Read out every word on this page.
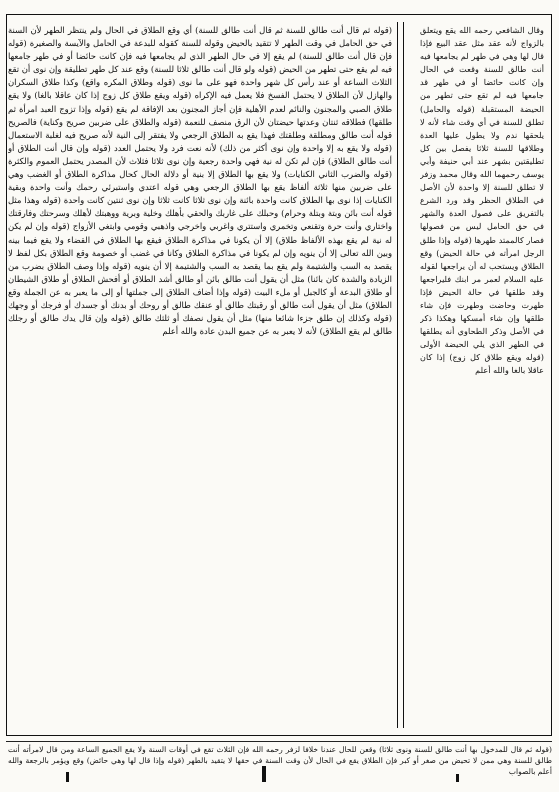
(قوله ثم قال أنت طالق للسنة ثم قال أنت طالق للسنة) أي وقع الطلاق في الحال ولم ينتظر الطهر لأن السنة في حق الحامل في وقت الطهر لا تتقيد بالحيض وقوله للسنة كقوله للبدعة في الحامل والآيسة والصغيرة (قوله فإن قال أنت طالق للسنة) لم يقع إلا في حال الطهر الذي لم يجامعها فيه فإن كانت حائضا أو في طهر جامعها فيه لم يقع حتى تطهر من الحيض (قوله ولو قال أنت طالق ثلاثا للسنة) وقع عند كل طهر تطليقة وإن نوى أن تقع الثلاث الساعة أو عند رأس كل شهر واحدة فهو على ما نوى (قوله وطلاق المكره واقع) وكذا طلاق السكران والهازل لأن الطلاق لا يحتمل الفسخ فلا يعمل فيه الإكراه (قوله ويقع طلاق كل زوج إذا كان عاقلا بالغا) ولا يقع طلاق الصبي والمجنون والنائم لعدم الأهلية فإن أجاز المجنون بعد الإفاقة لم يقع (قوله وإذا تزوج العبد امرأة ثم طلقها) فطلاقه ثنتان وعدتها حيضتان لأن الرق منصف للنعمة (قوله والطلاق على ضربين صريح وكناية) فالصريح قوله أنت طالق ومطلقة وطلقتك فهذا يقع به الطلاق الرجعي ولا يفتقر إلى النية لأنه صريح فيه لغلبة الاستعمال (قوله ولا يقع به إلا واحدة وإن نوى أكثر من ذلك) لأنه نعت فرد ولا يحتمل العدد (قوله وإن قال أنت الطلاق أو أنت طالق الطلاق) فإن لم تكن له نية فهي واحدة رجعية وإن نوى ثلاثا فثلاث لأن المصدر يحتمل العموم والكثرة (قوله والضرب الثاني الكنايات) ولا يقع بها الطلاق إلا بنية أو دلالة الحال كحال مذاكرة الطلاق أو الغضب وهي على ضربين منها ثلاثة ألفاظ يقع بها الطلاق الرجعي وهي قوله اعتدي واستبرئي رحمك وأنت واحدة وبقية الكنايات إذا نوى بها الطلاق كانت واحدة بائنة وإن نوى ثلاثا كانت ثلاثا وإن نوى ثنتين كانت واحدة (قوله وهذا مثل قوله أنت بائن وبتة وبتلة وحرام) وحبلك على غاربك والحقي بأهلك وخلية وبرية ووهبتك لأهلك وسرحتك وفارقتك واختاري وأنت حرة وتقنعي وتخمري واستتري واغربي واخرجي واذهبي وقومي وابتغي الأزواج (قوله وإن لم يكن له نية لم يقع بهذه الألفاظ طلاق) إلا أن يكونا في مذاكرة الطلاق فيقع بها الطلاق في القضاء ولا يقع فيما بينه وبين الله تعالى إلا أن ينويه وإن لم يكونا في مذاكرة الطلاق وكانا في غضب أو خصومة وقع الطلاق بكل لفظ لا يقصد به السب والشتيمة ولم يقع بما يقصد به السب والشتيمة إلا أن ينويه (قوله وإذا وصف الطلاق بضرب من الزيادة والشدة كان بائنا) مثل أن يقول أنت طالق بائن أو طالق أشد الطلاق أو أفحش الطلاق أو طلاق الشيطان أو طلاق البدعة أو كالجبل أو ملء البيت (قوله وإذا أضاف الطلاق إلى جملتها أو إلى ما يعبر به عن الجملة وقع الطلاق) مثل أن يقول أنت طالق أو رقبتك طالق أو عنقك طالق أو روحك أو بدنك أو جسدك أو فرجك أو وجهك (قوله وكذلك إن طلق جزءا شائعا منها) مثل أن يقول نصفك أو ثلثك طالق (قوله وإن قال يدك طالق أو رجلك طالق لم يقع الطلاق) لأنه لا يعبر به عن جميع البدن عادة والله أعلم

وقال الشافعي رحمه الله يقع ويتعلق بالزواج لأنه عقد مثل عقد البيع فإذا قال لها وهي في طهر لم يجامعها فيه أنت طالق للسنة وقعت في الحال وإن كانت حائضا أو في طهر قد جامعها فيه لم تقع حتى تطهر من الحيضة المستقبلة (قوله والحامل) تطلق للسنة في أي وقت شاء لأنه لا يلحقها ندم ولا يطول عليها العدة وطلاقها للسنة ثلاثا يفصل بين كل تطليقتين بشهر عند أبي حنيفة وأبي يوسف رحمهما الله وقال محمد وزفر لا تطلق للسنة إلا واحدة لأن الأصل في الطلاق الحظر وقد ورد الشرع بالتفريق على فصول العدة والشهر في حق الحامل ليس من فصولها فصار كالممتد طهرها (قوله وإذا طلق الرجل امرأته في حالة الحيض) وقع الطلاق ويستحب له أن يراجعها لقوله عليه السلام لعمر مر ابنك فليراجعها وقد طلقها في حالة الحيض فإذا طهرت وحاضت وطهرت فإن شاء طلقها وإن شاء أمسكها وهكذا ذكر في الأصل وذكر الطحاوي أنه يطلقها في الطهر الذي يلي الحيضة الأولى (قوله ويقع طلاق كل زوج) إذا كان عاقلا بالغا والله أعلم

(قوله ثم قال للمدخول بها أنت طالق للسنة ونوى ثلاثا) وقعن للحال عندنا خلافا لزفر رحمه الله فإن الثلاث تقع في أوقات السنة ولا يقع الجميع الساعة ومن قال لامرأته أنت طالق للسنة وهي ممن لا تحيض من صغر أو كبر فإن الطلاق يقع في الحال لأن وقت السنة في حقها لا يتقيد بالطهر (قوله وإذا قال لها وهي حائض) وقع ويؤمر بالرجعة والله أعلم بالصواب
